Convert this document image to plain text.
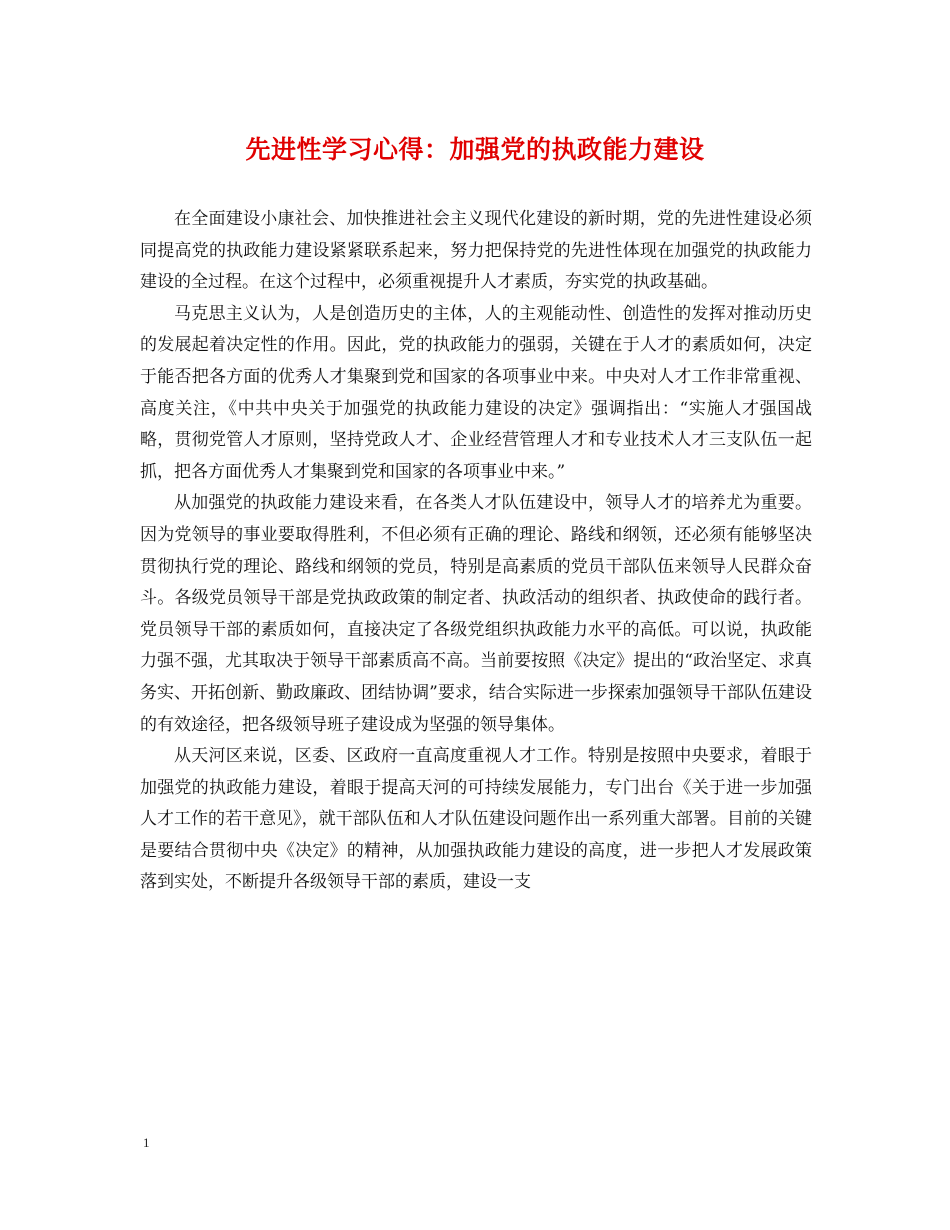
先进性学习心得：加强党的执政能力建设

在全面建设小康社会、加快推进社会主义现代化建设的新时期，党的先进性建设必须同提高党的执政能力建设紧紧联系起来，努力把保持党的先进性体现在加强党的执政能力建设的全过程。在这个过程中，必须重视提升人才素质，夯实党的执政基础。

马克思主义认为，人是创造历史的主体，人的主观能动性、创造性的发挥对推动历史的发展起着决定性的作用。因此，党的执政能力的强弱，关键在于人才的素质如何，决定于能否把各方面的优秀人才集聚到党和国家的各项事业中来。中央对人才工作非常重视、高度关注，《中共中央关于加强党的执政能力建设的决定》强调指出：“实施人才强国战略，贯彻党管人才原则，坚持党政人才、企业经营管理人才和专业技术人才三支队伍一起抓，把各方面优秀人才集聚到党和国家的各项事业中来。”

从加强党的执政能力建设来看，在各类人才队伍建设中，领导人才的培养尤为重要。因为党领导的事业要取得胜利，不但必须有正确的理论、路线和纲领，还必须有能够坚决贯彻执行党的理论、路线和纲领的党员，特别是高素质的党员干部队伍来领导人民群众奋斗。各级党员领导干部是党执政政策的制定者、执政活动的组织者、执政使命的践行者。党员领导干部的素质如何，直接决定了各级党组织执政能力水平的高低。可以说，执政能力强不强，尤其取决于领导干部素质高不高。当前要按照《决定》提出的“政治坚定、求真务实、开拓创新、勤政廉政、团结协调”要求，结合实际进一步探索加强领导干部队伍建设的有效途径，把各级领导班子建设成为坚强的领导集体。

从天河区来说，区委、区政府一直高度重视人才工作。特别是按照中央要求，着眼于加强党的执政能力建设，着眼于提高天河的可持续发展能力，专门出台《关于进一步加强人才工作的若干意见》，就干部队伍和人才队伍建设问题作出一系列重大部署。目前的关键是要结合贯彻中央《决定》的精神，从加强执政能力建设的高度，进一步把人才发展政策落到实处，不断提升各级领导干部的素质，建设一支

1
